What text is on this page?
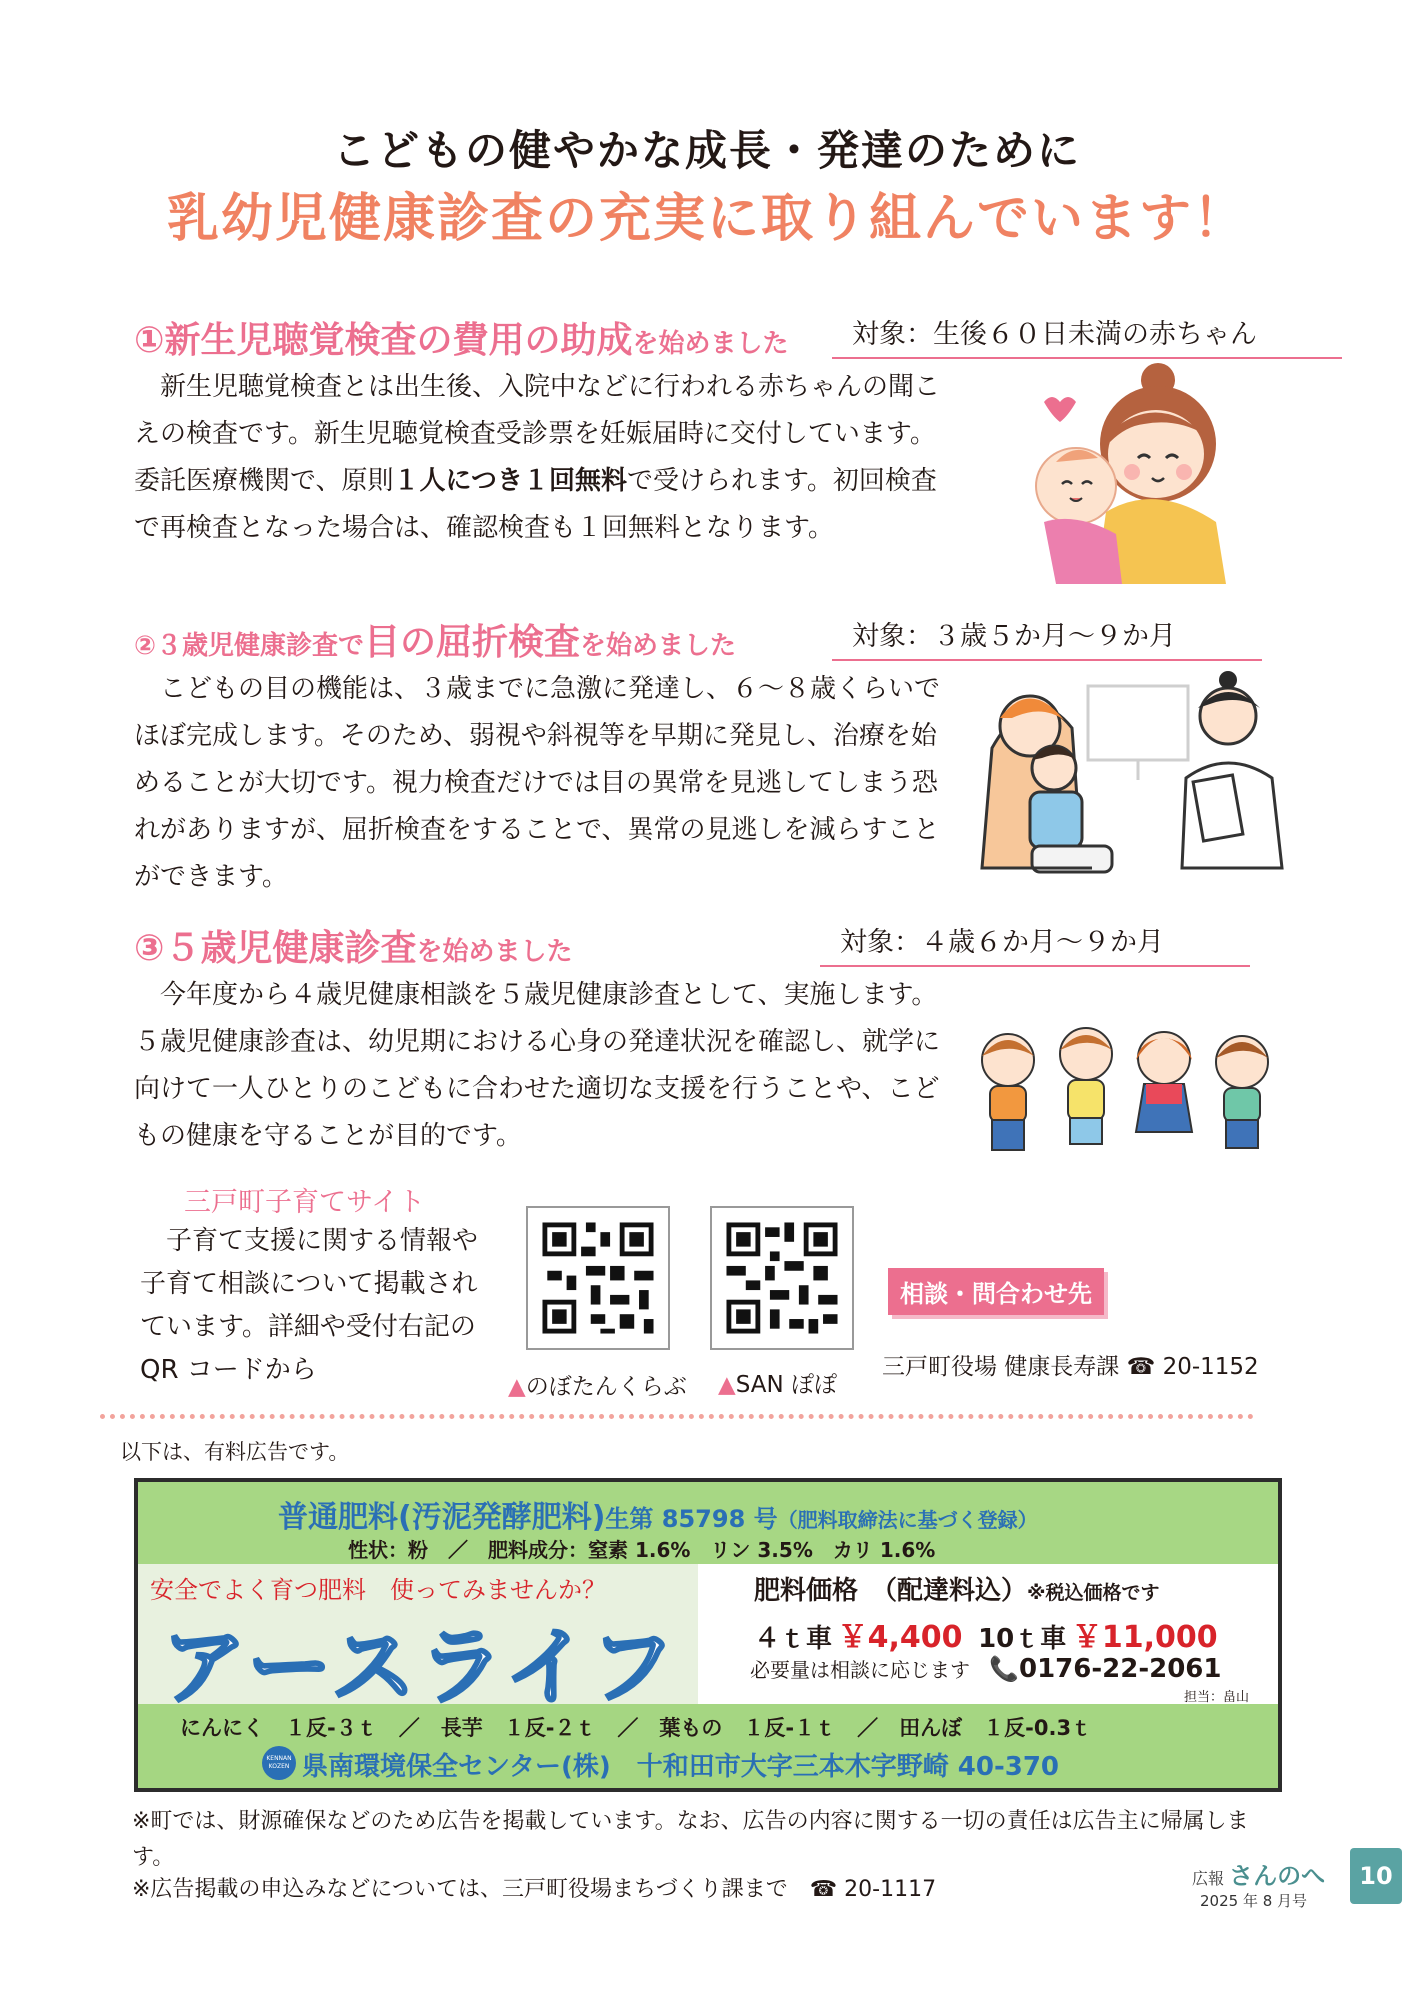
こどもの健やかな成長・発達のために
乳幼児健康診査の充実に取り組んでいます！
①新生児聴覚検査の費用の助成を始めました	対象：生後６０日未満の赤ちゃん

新生児聴覚検査とは出生後、入院中などに行われる赤ちゃんの聞こえの検査です。新生児聴覚検査受診票を妊娠届時に交付しています。委託医療機関で、原則１人につき１回無料で受けられます。初回検査で再検査となった場合は、確認検査も１回無料となります。

②３歳児健康診査で目の屈折検査を始めました	対象：３歳５か月～９か月

こどもの目の機能は、３歳までに急激に発達し、６～８歳くらいでほぼ完成します。そのため、弱視や斜視等を早期に発見し、治療を始めることが大切です。視力検査だけでは目の異常を見逃してしまう恐れがありますが、屈折検査をすることで、異常の見逃しを減らすことができます。

③５歳児健康診査を始めました	対象：４歳６か月～９か月

今年度から４歳児健康相談を５歳児健康診査として、実施します。５歳児健康診査は、幼児期における心身の発達状況を確認し、就学に向けて一人ひとりのこどもに合わせた適切な支援を行うことや、こどもの健康を守ることが目的です。

三戸町子育てサイト
子育て支援に関する情報や子育て相談について掲載されています。詳細や受付右記の QR コードから
▲のぼたんくらぶ ▲SAN ぽぽ
相談・問合わせ先
三戸町役場 健康長寿課 ☎ 20-1152
以下は、有料広告です。
普通肥料(汚泥発酵肥料)生第 85798 号（肥料取締法に基づく登録）
性状：粉　／　肥料成分：窒素 1.6%　リン 3.5%　カリ 1.6%
安全でよく育つ肥料　使ってみませんか？
アースライフ
肥料価格　（配達料込）※税込価格です
４ｔ車 ￥4,400 10ｔ車 ￥11,000
必要量は相談に応じます 📞0176-22-2061
担当：畠山
にんにく　１反-３ｔ　／　長芋　１反-２ｔ　／　葉もの　１反-１ｔ　／　田んぼ　１反-0.3ｔ
KENNAN KOZEN 県南環境保全センター(株)　十和田市大字三本木字野崎 40-370
※町では、財源確保などのため広告を掲載しています。なお、広告の内容に関する一切の責任は広告主に帰属します。
※広告掲載の申込みなどについては、三戸町役場まちづくり課まで　☎ 20-1117	広報 さんのへ
2025 年 8 月号
10
